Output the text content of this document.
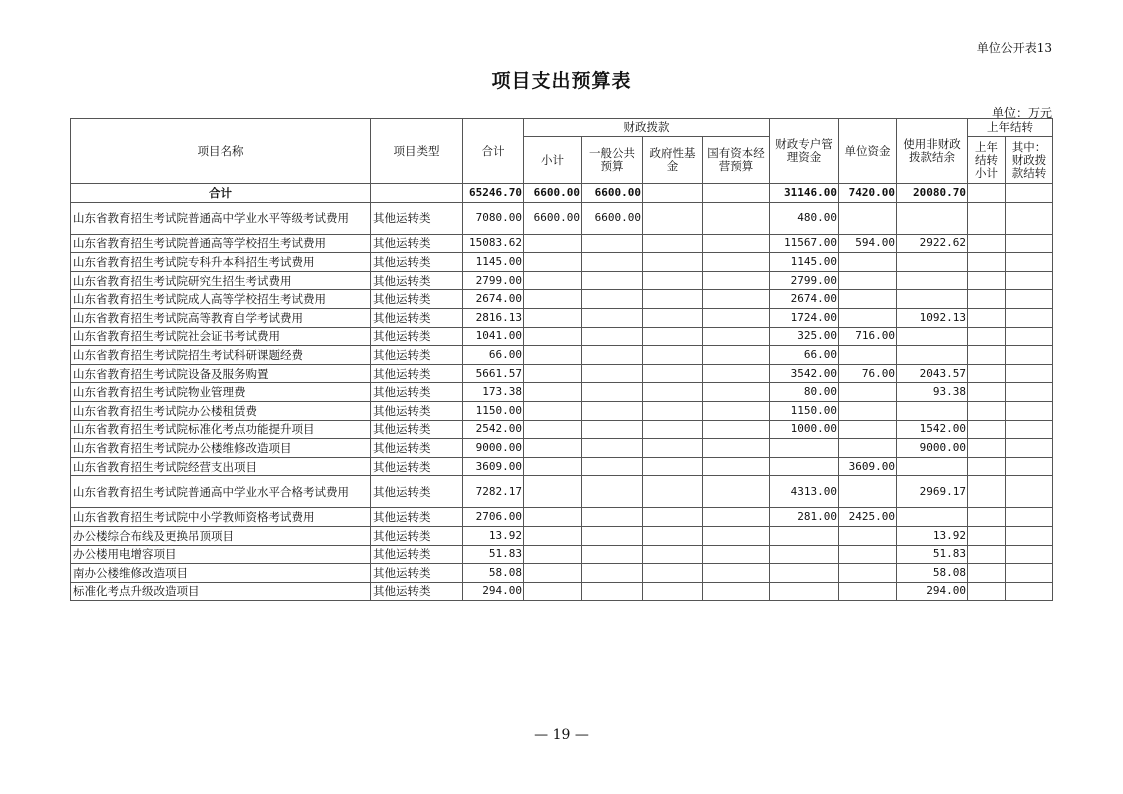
单位公开表13
项目支出预算表
单位：万元
项目名称	项目类型	合计	财政拨款				财政专户管理资金	单位资金	使用非财政拨款结余	上年结转	
			小计	一般公共预算	政府性基金	国有资本经营预算				上年结转小计	其中：财政拨款结转
合计		65246.70	6600.00	6600.00			31146.00	7420.00	20080.70		
山东省教育招生考试院普通高中学业水平等级考试费用	其他运转类	7080.00	6600.00	6600.00			480.00				
山东省教育招生考试院普通高等学校招生考试费用	其他运转类	15083.62					11567.00	594.00	2922.62		
山东省教育招生考试院专科升本科招生考试费用	其他运转类	1145.00					1145.00				
山东省教育招生考试院研究生招生考试费用	其他运转类	2799.00					2799.00				
山东省教育招生考试院成人高等学校招生考试费用	其他运转类	2674.00					2674.00				
山东省教育招生考试院高等教育自学考试费用	其他运转类	2816.13					1724.00		1092.13		
山东省教育招生考试院社会证书考试费用	其他运转类	1041.00					325.00	716.00			
山东省教育招生考试院招生考试科研课题经费	其他运转类	66.00					66.00				
山东省教育招生考试院设备及服务购置	其他运转类	5661.57					3542.00	76.00	2043.57		
山东省教育招生考试院物业管理费	其他运转类	173.38					80.00		93.38		
山东省教育招生考试院办公楼租赁费	其他运转类	1150.00					1150.00				
山东省教育招生考试院标准化考点功能提升项目	其他运转类	2542.00					1000.00		1542.00		
山东省教育招生考试院办公楼维修改造项目	其他运转类	9000.00							9000.00		
山东省教育招生考试院经营支出项目	其他运转类	3609.00						3609.00			
山东省教育招生考试院普通高中学业水平合格考试费用	其他运转类	7282.17					4313.00		2969.17		
山东省教育招生考试院中小学教师资格考试费用	其他运转类	2706.00					281.00	2425.00			
办公楼综合布线及更换吊顶项目	其他运转类	13.92							13.92		
办公楼用电增容项目	其他运转类	51.83							51.83		
南办公楼维修改造项目	其他运转类	58.08							58.08		
标准化考点升级改造项目	其他运转类	294.00							294.00		
— 19 —
